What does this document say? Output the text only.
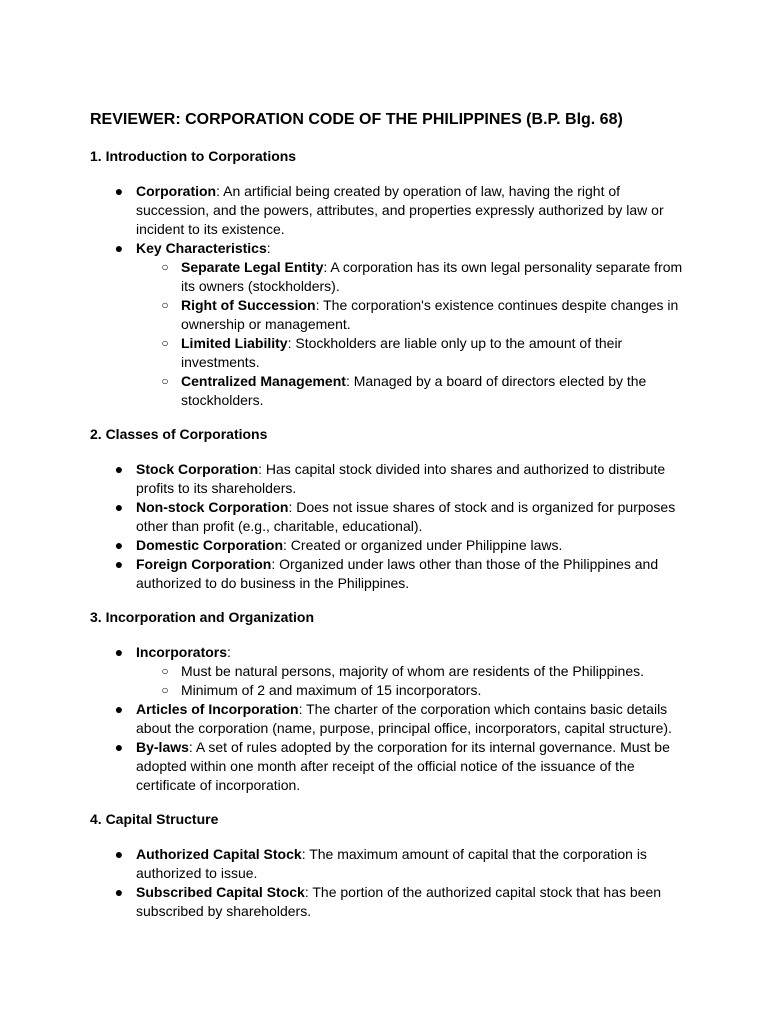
REVIEWER: CORPORATION CODE OF THE PHILIPPINES (B.P. Blg. 68)
1. Introduction to Corporations
● Corporation: An artificial being created by operation of law, having the right of succession, and the powers, attributes, and properties expressly authorized by law or incident to its existence.
● Key Characteristics:
○ Separate Legal Entity: A corporation has its own legal personality separate from its owners (stockholders).
○ Right of Succession: The corporation's existence continues despite changes in ownership or management.
○ Limited Liability: Stockholders are liable only up to the amount of their investments.
○ Centralized Management: Managed by a board of directors elected by the stockholders.
2. Classes of Corporations
● Stock Corporation: Has capital stock divided into shares and authorized to distribute profits to its shareholders.
● Non-stock Corporation: Does not issue shares of stock and is organized for purposes other than profit (e.g., charitable, educational).
● Domestic Corporation: Created or organized under Philippine laws.
● Foreign Corporation: Organized under laws other than those of the Philippines and authorized to do business in the Philippines.
3. Incorporation and Organization
● Incorporators:
○ Must be natural persons, majority of whom are residents of the Philippines.
○ Minimum of 2 and maximum of 15 incorporators.
● Articles of Incorporation: The charter of the corporation which contains basic details about the corporation (name, purpose, principal office, incorporators, capital structure).
● By-laws: A set of rules adopted by the corporation for its internal governance. Must be adopted within one month after receipt of the official notice of the issuance of the certificate of incorporation.
4. Capital Structure
● Authorized Capital Stock: The maximum amount of capital that the corporation is authorized to issue.
● Subscribed Capital Stock: The portion of the authorized capital stock that has been subscribed by shareholders.
